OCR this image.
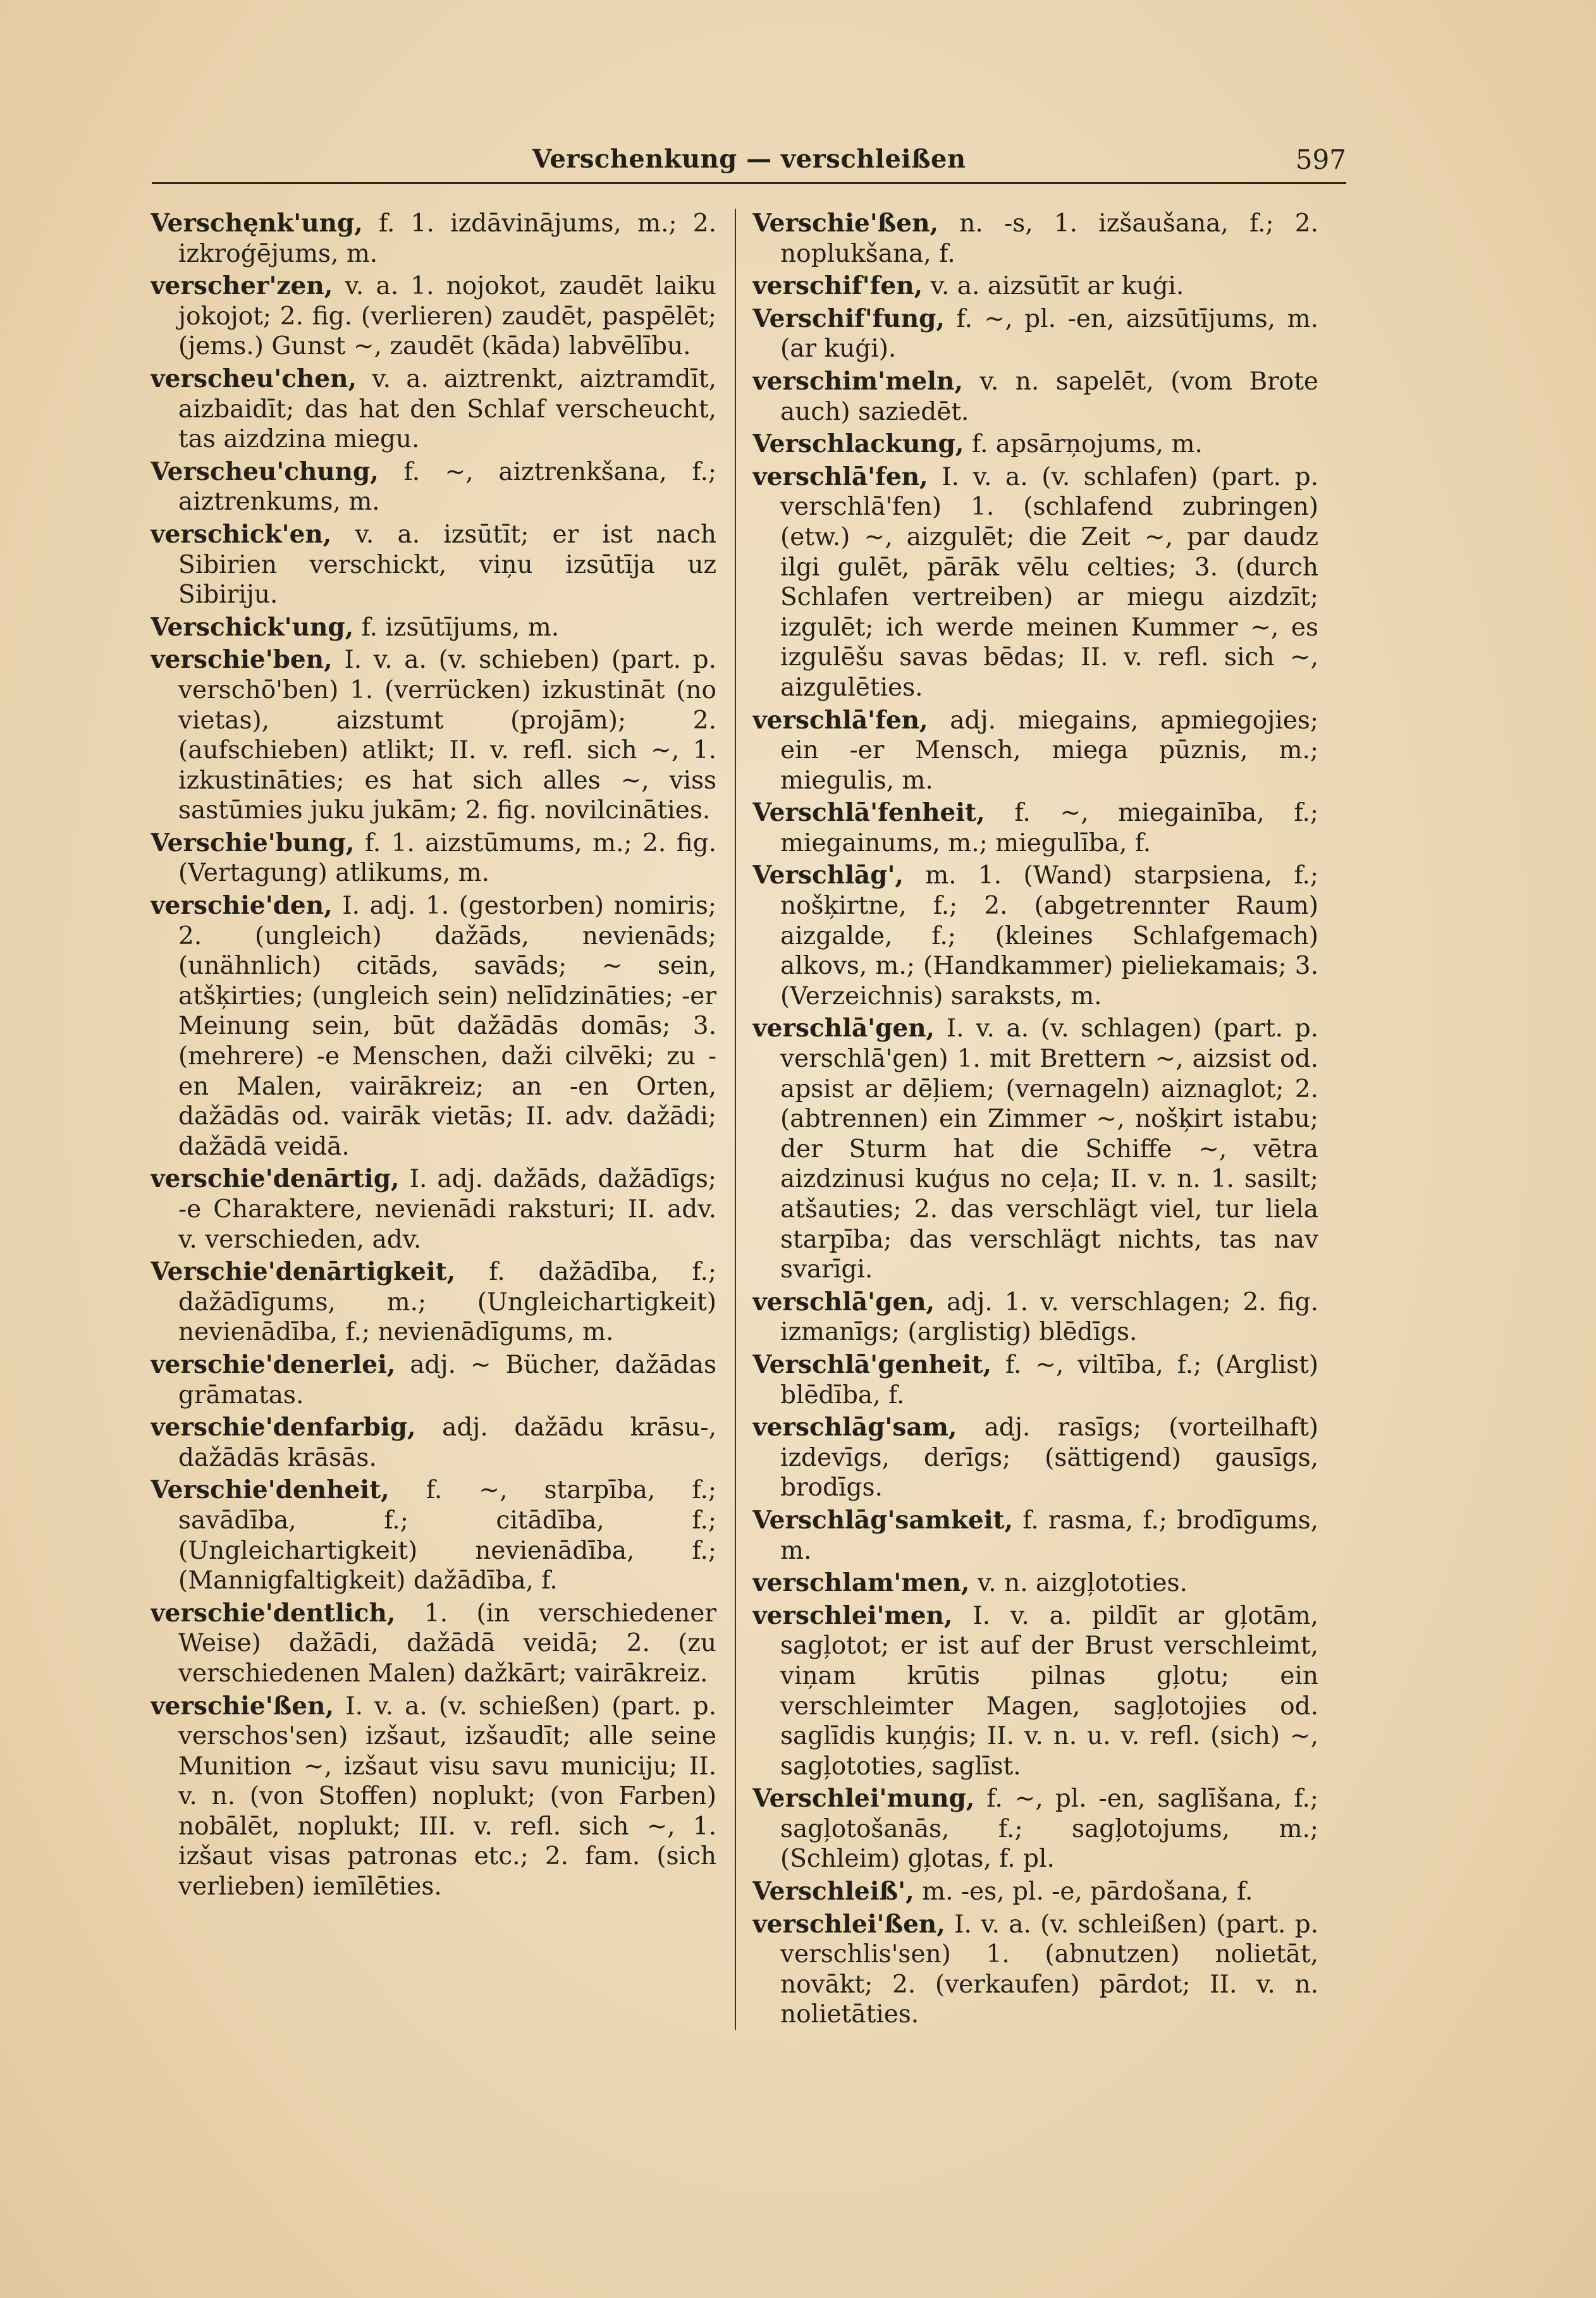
Verschenkung — verschleißen	597

Verschęnk'ung, f. 1. izdāvinājums, m.; 2. izkroģējums, m.

verscher'zen, v. a. 1. nojokot, zaudēt laiku jokojot; 2. fig. (verlieren) zaudēt, paspēlēt; (jems.) Gunst ~, zaudēt (kāda) labvēlību.

verscheu'chen, v. a. aiztrenkt, aiztramdīt, aizbaidīt; das hat den Schlaf verscheucht, tas aizdzina miegu.

Verscheu'chung, f. ~, aiztrenkšana, f.; aiztrenkums, m.

verschick'en, v. a. izsūtīt; er ist nach Sibirien verschickt, viņu izsūtīja uz Sibiriju.

Verschick'ung, f. izsūtījums, m.

verschie'ben, I. v. a. (v. schieben) (part. p. verschō'ben) 1. (verrücken) izkustināt (no vietas), aizstumt (projām); 2. (aufschieben) atlikt; II. v. refl. sich ~, 1. izkustināties; es hat sich alles ~, viss sastūmies juku jukām; 2. fig. novilcināties.

Verschie'bung, f. 1. aizstūmums, m.; 2. fig. (Vertagung) atlikums, m.

verschie'den, I. adj. 1. (gestorben) nomiris; 2. (ungleich) dažāds, nevienāds; (unähnlich) citāds, savāds; ~ sein, atšķirties; (ungleich sein) nelīdzināties; -er Meinung sein, būt dažādās domās; 3. (mehrere) -e Menschen, daži cilvēki; zu -en Malen, vairākreiz; an -en Orten, dažādās od. vairāk vietās; II. adv. dažādi; dažādā veidā.

verschie'denārtig, I. adj. dažāds, dažādīgs; -e Charaktere, nevienādi raksturi; II. adv. v. verschieden, adv.

Verschie'denārtigkeit, f. dažādība, f.; dažādīgums, m.; (Ungleichartigkeit) nevienādība, f.; nevienādīgums, m.

verschie'denerlei, adj. ~ Bücher, dažādas grāmatas.

verschie'denfarbig, adj. dažādu krāsu-, dažādās krāsās.

Verschie'denheit, f. ~, starpība, f.; savādība, f.; citādība, f.; (Ungleichartigkeit) nevienādība, f.; (Mannigfaltigkeit) dažādība, f.

verschie'dentlich, 1. (in verschiedener Weise) dažādi, dažādā veidā; 2. (zu verschiedenen Malen) dažkārt; vairākreiz.

verschie'ßen, I. v. a. (v. schießen) (part. p. verschos'sen) izšaut, izšaudīt; alle seine Munition ~, izšaut visu savu municiju; II. v. n. (von Stoffen) noplukt; (von Farben) nobālēt, noplukt; III. v. refl. sich ~, 1. izšaut visas patronas etc.; 2. fam. (sich verlieben) iemīlēties.

Verschie'ßen, n. -s, 1. izšaušana, f.; 2. noplukšana, f.

verschif'fen, v. a. aizsūtīt ar kuģi.

Verschif'fung, f. ~, pl. -en, aizsūtījums, m. (ar kuģi).

verschim'meln, v. n. sapelēt, (vom Brote auch) saziedēt.

Verschlackung, f. apsārņojums, m.

verschlā'fen, I. v. a. (v. schlafen) (part. p. verschlā'fen) 1. (schlafend zubringen) (etw.) ~, aizgulēt; die Zeit ~, par daudz ilgi gulēt, pārāk vēlu celties; 3. (durch Schlafen vertreiben) ar miegu aizdzīt; izgulēt; ich werde meinen Kummer ~, es izgulēšu savas bēdas; II. v. refl. sich ~, aizgulēties.

verschlā'fen, adj. miegains, apmiegojies; ein -er Mensch, miega pūznis, m.; miegulis, m.

Verschlā'fenheit, f. ~, miegainība, f.; miegainums, m.; miegulība, f.

Verschlāg', m. 1. (Wand) starpsiena, f.; nošķirtne, f.; 2. (abgetrennter Raum) aizgalde, f.; (kleines Schlafgemach) alkovs, m.; (Handkammer) pieliekamais; 3. (Verzeichnis) saraksts, m.

verschlā'gen, I. v. a. (v. schlagen) (part. p. verschlā'gen) 1. mit Brettern ~, aizsist od. apsist ar dēļiem; (vernageln) aiznaglot; 2. (abtrennen) ein Zimmer ~, nošķirt istabu; der Sturm hat die Schiffe ~, vētra aizdzinusi kuģus no ceļa; II. v. n. 1. sasilt; atšauties; 2. das verschlägt viel, tur liela starpība; das verschlägt nichts, tas nav svarīgi.

verschlā'gen, adj. 1. v. verschlagen; 2. fig. izmanīgs; (arglistig) blēdīgs.

Verschlā'genheit, f. ~, viltība, f.; (Arglist) blēdība, f.

verschlāg'sam, adj. rasīgs; (vorteilhaft) izdevīgs, derīgs; (sättigend) gausīgs, brodīgs.

Verschlāg'samkeit, f. rasma, f.; brodīgums, m.

verschlam'men, v. n. aizgļototies.

verschlei'men, I. v. a. pildīt ar gļotām, sagļotot; er ist auf der Brust verschleimt, viņam krūtis pilnas gļotu; ein verschleimter Magen, sagļotojies od. saglīdis kuņģis; II. v. n. u. v. refl. (sich) ~, sagļototies, saglīst.

Verschlei'mung, f. ~, pl. -en, saglīšana, f.; sagļotošanās, f.; sagļotojums, m.; (Schleim) gļotas, f. pl.

Verschleiß', m. -es, pl. -e, pārdošana, f.

verschlei'ßen, I. v. a. (v. schleißen) (part. p. verschlis'sen) 1. (abnutzen) nolietāt, novākt; 2. (verkaufen) pārdot; II. v. n. nolietāties.
